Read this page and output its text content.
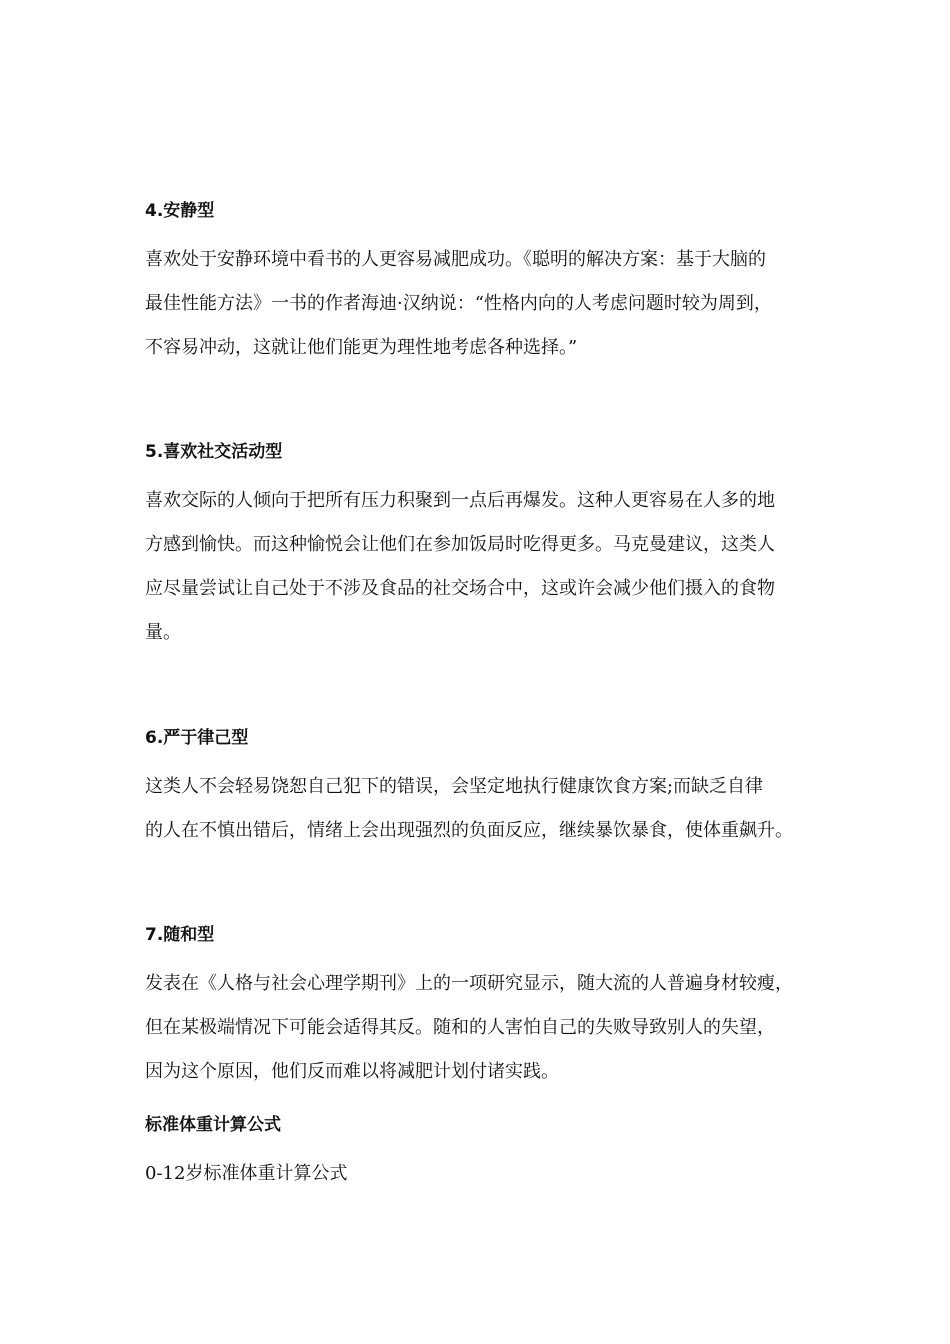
4.安静型
喜欢处于安静环境中看书的人更容易减肥成功。《聪明的解决方案：基于大脑的
最佳性能方法》一书的作者海迪·汉纳说：“性格内向的人考虑问题时较为周到，
不容易冲动，这就让他们能更为理性地考虑各种选择。”
5.喜欢社交活动型
喜欢交际的人倾向于把所有压力积聚到一点后再爆发。这种人更容易在人多的地
方感到愉快。而这种愉悦会让他们在参加饭局时吃得更多。马克曼建议，这类人
应尽量尝试让自己处于不涉及食品的社交场合中，这或许会减少他们摄入的食物
量。
6.严于律己型
这类人不会轻易饶恕自己犯下的错误，会坚定地执行健康饮食方案;而缺乏自律
的人在不慎出错后，情绪上会出现强烈的负面反应，继续暴饮暴食，使体重飙升。
7.随和型
发表在《人格与社会心理学期刊》上的一项研究显示，随大流的人普遍身材较瘦，
但在某极端情况下可能会适得其反。随和的人害怕自己的失败导致别人的失望，
因为这个原因，他们反而难以将减肥计划付诸实践。
标准体重计算公式
0-12岁标准体重计算公式
